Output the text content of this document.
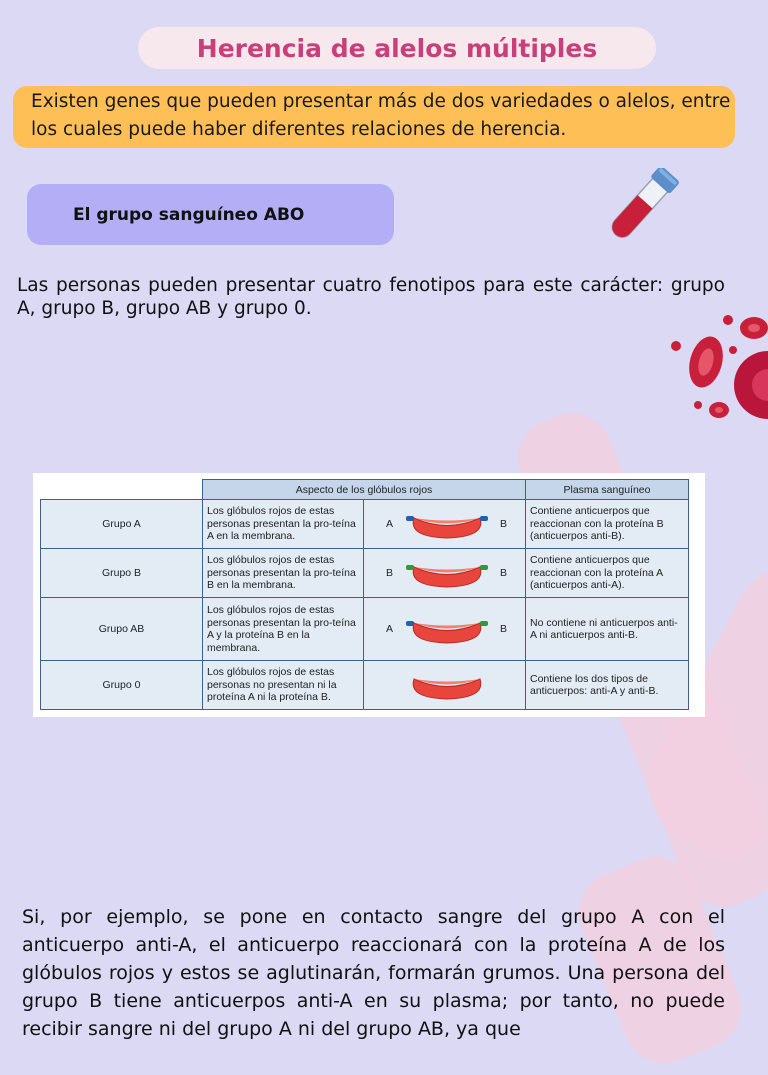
Herencia de alelos múltiples
Existen genes que pueden presentar más de dos variedades o alelos, entre los cuales puede haber diferentes relaciones de herencia.
El grupo sanguíneo ABO
Las personas pueden presentar cuatro fenotipos para este carácter: grupo A, grupo B, grupo AB y grupo 0.
	Aspecto de los glóbulos rojos		Plasma sanguíneo
Grupo A	Los glóbulos rojos de estas personas presentan la pro-teína A en la membrana.	A B	Contiene anticuerpos que reaccionan con la proteína B (anticuerpos anti-B).
Grupo B	Los glóbulos rojos de estas personas presentan la pro-teína B en la membrana.	B B	Contiene anticuerpos que reaccionan con la proteína A (anticuerpos anti-A).
Grupo AB	Los glóbulos rojos de estas personas presentan la pro-teína A y la proteína B en la membrana.	A B	No contiene ni anticuerpos anti-A ni anticuerpos anti-B.
Grupo 0	Los glóbulos rojos de estas personas no presentan ni la proteína A ni la proteína B.		Contiene los dos tipos de anticuerpos: anti-A y anti-B.
Si, por ejemplo, se pone en contacto sangre del grupo A con el anticuerpo anti-A, el anticuerpo reaccionará con la proteína A de los glóbulos rojos y estos se aglutinarán, formarán grumos. Una persona del grupo B tiene anticuerpos anti-A en su plasma; por tanto, no puede recibir sangre ni del grupo A ni del grupo AB, ya que
